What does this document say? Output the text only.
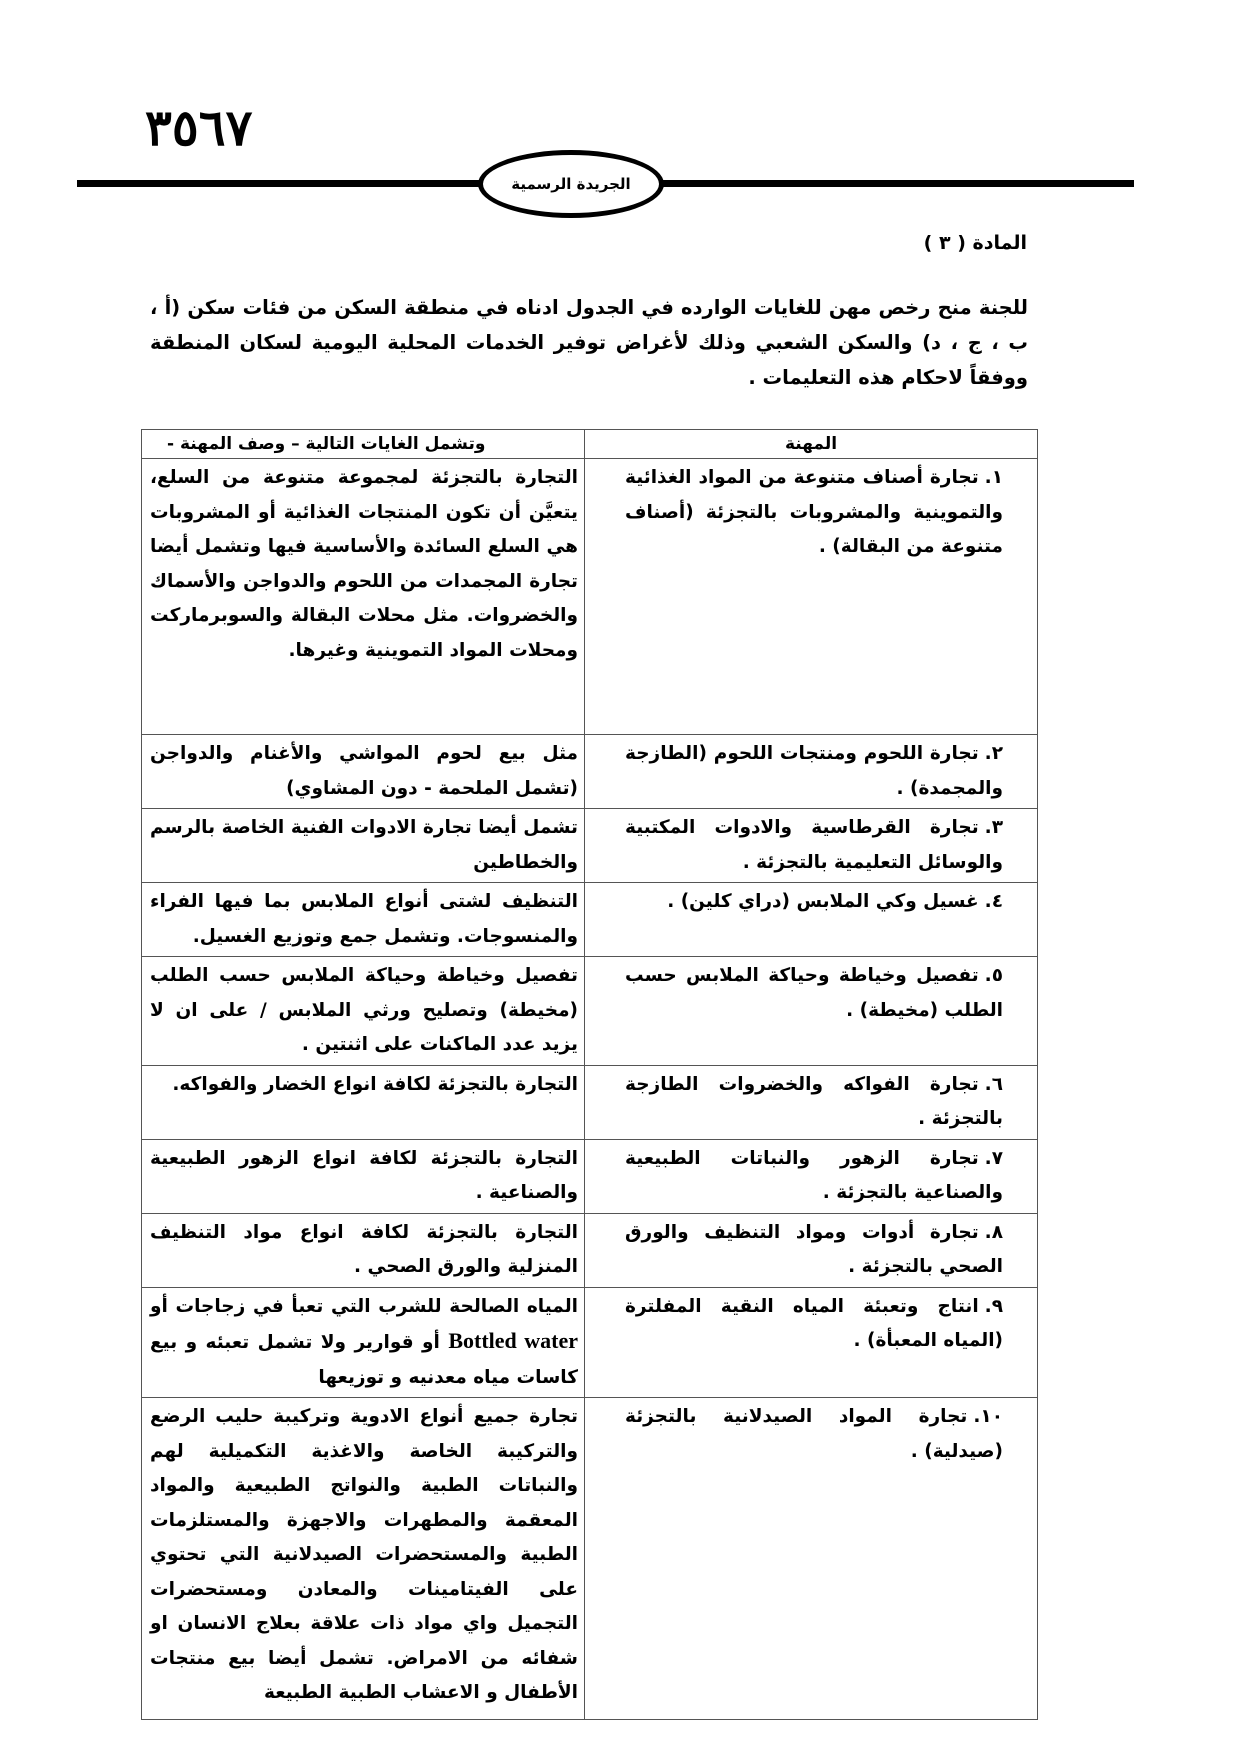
٣٥٦٧
الجريدة الرسمية
المادة ( ٣ )
للجنة منح رخص مهن للغايات الوارده في الجدول ادناه في منطقة السكن من فئات سكن (أ ، ب ، ج ، د) والسكن الشعبي وذلك لأغراض توفير الخدمات المحلية اليومية لسكان المنطقة ووفقاً لاحكام هذه التعليمات .
المهنة	وتشمل الغايات التالية – وصف المهنة -
١.تجارة أصناف متنوعة من المواد الغذائية والتموينية والمشروبات بالتجزئة (أصناف متنوعة من البقالة) .	التجارة بالتجزئة لمجموعة متنوعة من السلع، يتعيَّن أن تكون المنتجات الغذائية أو المشروبات هي السلع السائدة والأساسية فيها وتشمل أيضا تجارة المجمدات من اللحوم والدواجن والأسماك والخضروات. مثل محلات البقالة والسوبرماركت ومحلات المواد التموينية وغيرها.
٢.تجارة اللحوم ومنتجات اللحوم (الطازجة والمجمدة) .	مثل بيع لحوم المواشي والأغنام والدواجن (تشمل الملحمة - دون المشاوي)
٣.تجارة القرطاسية والادوات المكتبية والوسائل التعليمية بالتجزئة .	تشمل أيضا تجارة الادوات الفنية الخاصة بالرسم والخطاطين
٤.غسيل وكي الملابس (دراي كلين) .	التنظيف لشتى أنواع الملابس بما فيها الفراء والمنسوجات. وتشمل جمع وتوزيع الغسيل.
٥.تفصيل وخياطة وحياكة الملابس حسب الطلب (مخيطة) .	تفصيل وخياطة وحياكة الملابس حسب الطلب (مخيطة) وتصليح ورثي الملابس / على ان لا يزيد عدد الماكنات على اثنتين .
٦.تجارة الفواكه والخضروات الطازجة بالتجزئة .	التجارة بالتجزئة لكافة انواع الخضار والفواكه.
٧.تجارة الزهور والنباتات الطبيعية والصناعية بالتجزئة .	التجارة بالتجزئة لكافة انواع الزهور الطبيعية والصناعية .
٨.تجارة أدوات ومواد التنظيف والورق الصحي بالتجزئة .	التجارة بالتجزئة لكافة انواع مواد التنظيف المنزلية والورق الصحي .
٩.انتاج وتعبئة المياه النقية المفلترة (المياه المعبأة) .	المياه الصالحة للشرب التي تعبأ في زجاجات أو Bottled water أو قوارير ولا تشمل تعبئه و بيع كاسات مياه معدنيه و توزيعها
١٠.تجارة المواد الصيدلانية بالتجزئة (صيدلية) .	تجارة جميع أنواع الادوية وتركيبة حليب الرضع والتركيبة الخاصة والاغذية التكميلية لهم والنباتات الطبية والنواتج الطبيعية والمواد المعقمة والمطهرات والاجهزة والمستلزمات الطبية والمستحضرات الصيدلانية التي تحتوي على الفيتامينات والمعادن ومستحضرات التجميل واي مواد ذات علاقة بعلاج الانسان او شفائه من الامراض. تشمل أيضا بيع منتجات الأطفال و الاعشاب الطبية الطبيعة
